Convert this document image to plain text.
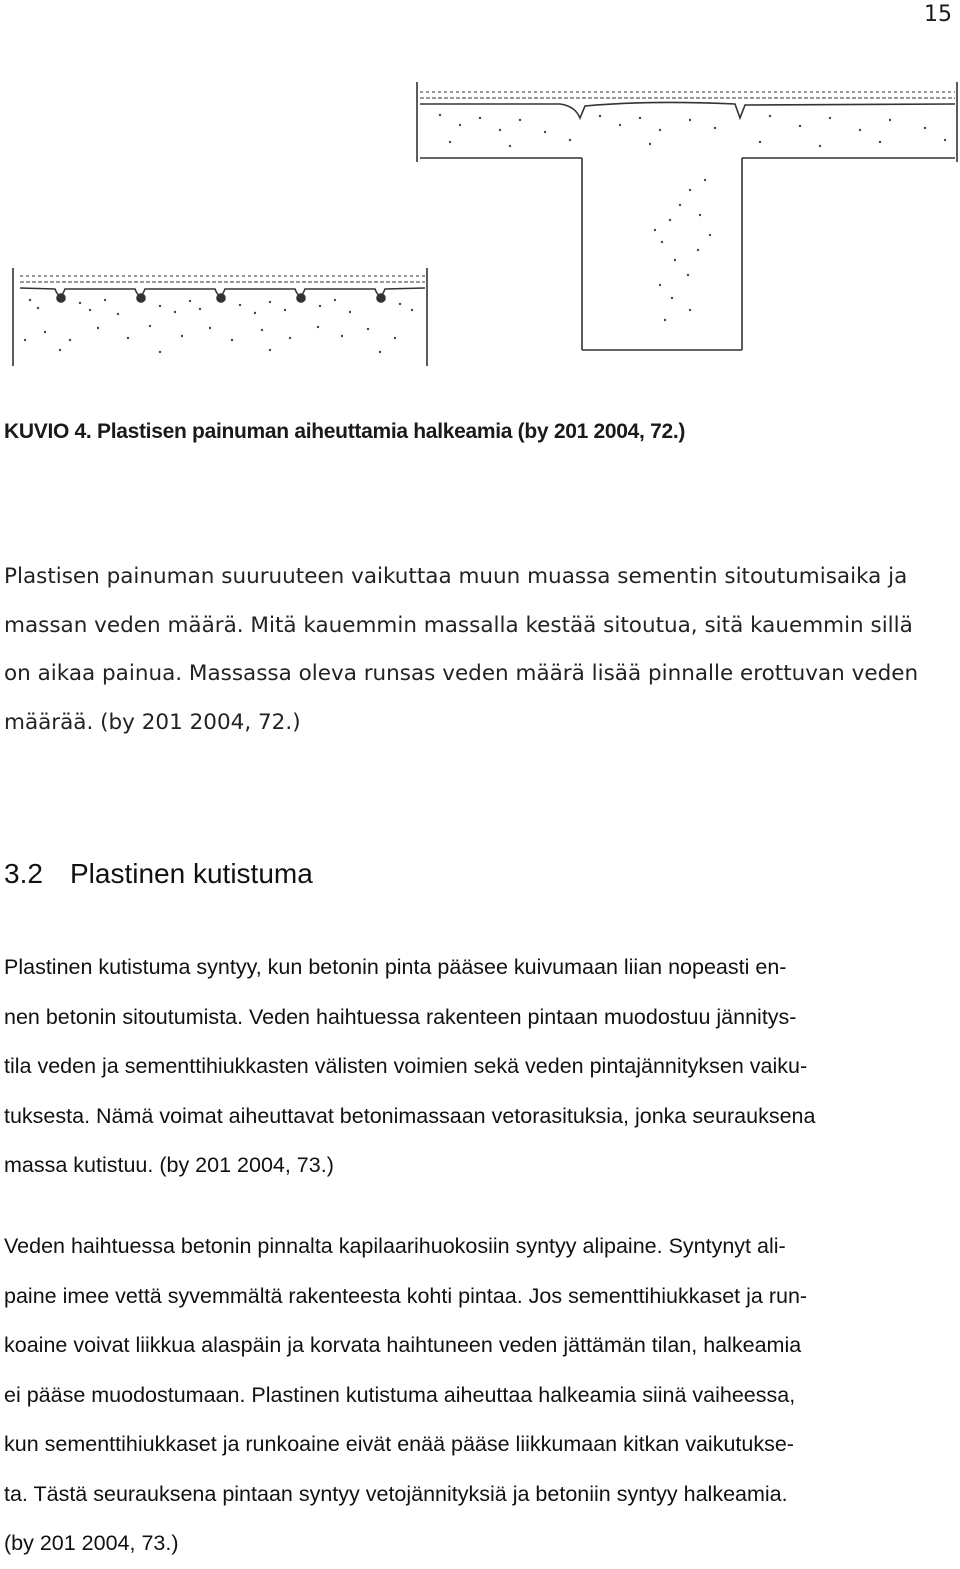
15
KUVIO 4. Plastisen painuman aiheuttamia halkeamia (by 201 2004, 72.)
Plastisen painuman suuruuteen vaikuttaa muun muassa sementin sitoutumisaika ja
massan veden määrä. Mitä kauemmin massalla kestää sitoutua, sitä kauemmin sillä
on aikaa painua. Massassa oleva runsas veden määrä lisää pinnalle erottuvan veden
määrää. (by 201 2004, 72.)
3.2 Plastinen kutistuma
Plastinen kutistuma syntyy, kun betonin pinta pääsee kuivumaan liian nopeasti en-
nen betonin sitoutumista. Veden haihtuessa rakenteen pintaan muodostuu jännitys-
tila veden ja sementtihiukkasten välisten voimien sekä veden pintajännityksen vaiku-
tuksesta. Nämä voimat aiheuttavat betonimassaan vetorasituksia, jonka seurauksena
massa kutistuu. (by 201 2004, 73.)
Veden haihtuessa betonin pinnalta kapilaarihuokosiin syntyy alipaine. Syntynyt ali-
paine imee vettä syvemmältä rakenteesta kohti pintaa. Jos sementtihiukkaset ja run-
koaine voivat liikkua alaspäin ja korvata haihtuneen veden jättämän tilan, halkeamia
ei pääse muodostumaan. Plastinen kutistuma aiheuttaa halkeamia siinä vaiheessa,
kun sementtihiukkaset ja runkoaine eivät enää pääse liikkumaan kitkan vaikutukse-
ta. Tästä seurauksena pintaan syntyy vetojännityksiä ja betoniin syntyy halkeamia.
(by 201 2004, 73.)
